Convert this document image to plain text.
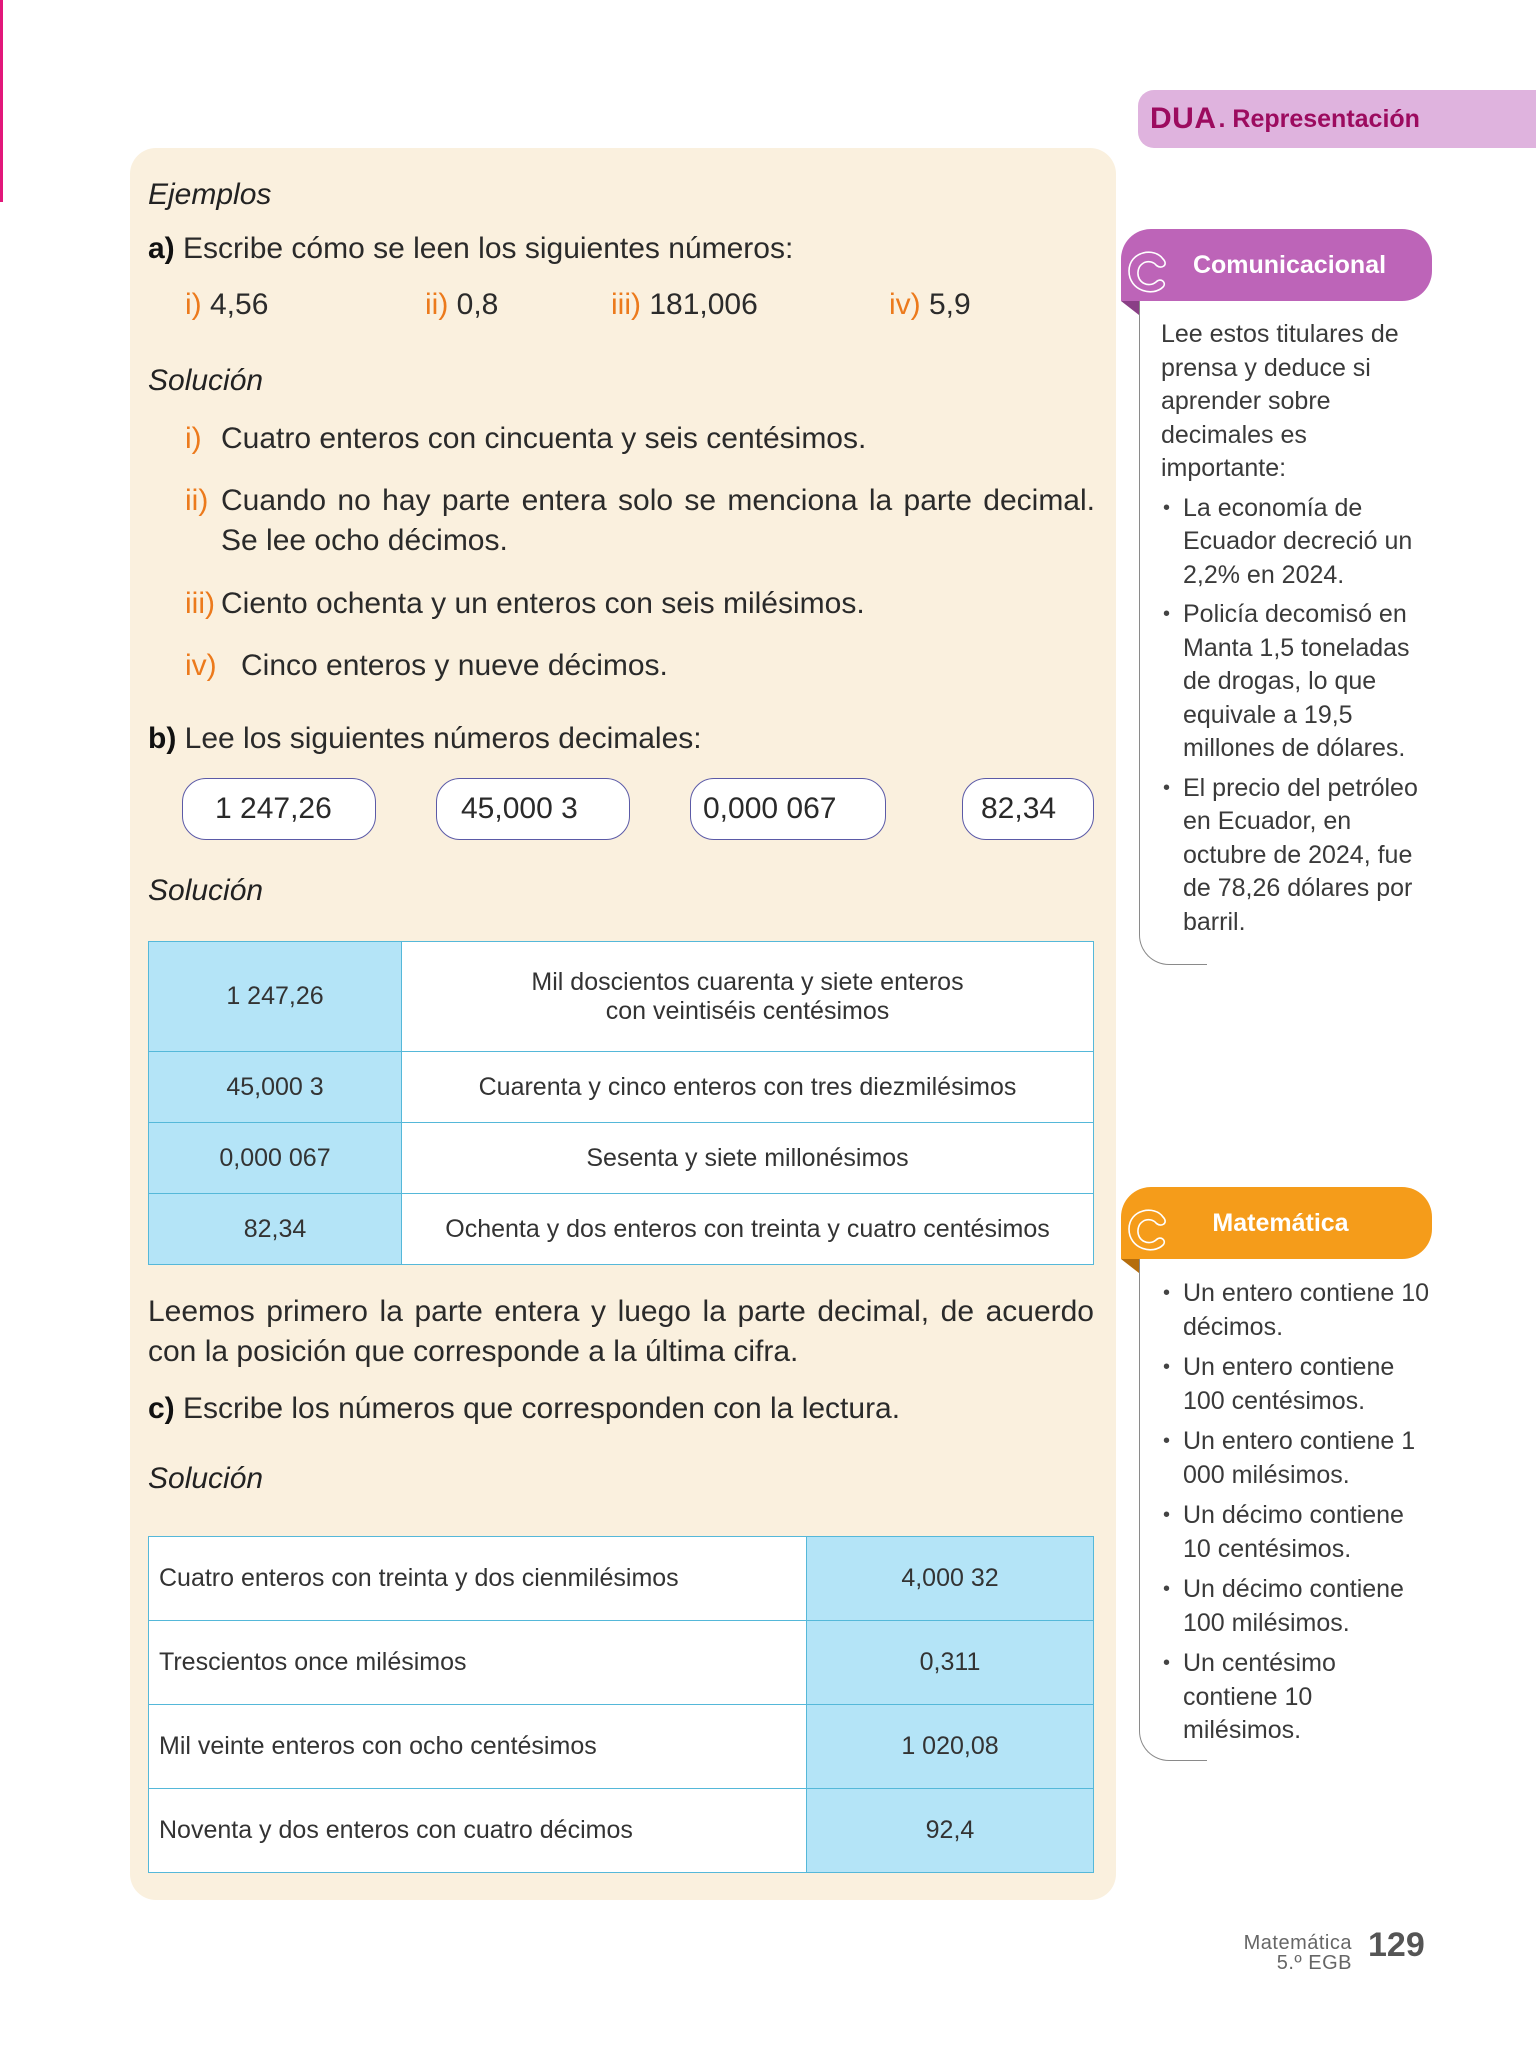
DUA . Representación
Ejemplos
a) Escribe cómo se leen los siguientes números:
i) 4,56	ii) 0,8	iii) 181,006	iv) 5,9
Solución
i) Cuatro enteros con cincuenta y seis centésimos.
ii) Cuando no hay parte entera solo se menciona la parte decimal. Se lee ocho décimos.
iii) Ciento ochenta y un enteros con seis milésimos.
iv) Cinco enteros y nueve décimos.
b) Lee los siguientes números decimales:
1 247,26	45,000 3	0,000 067	82,34
Solución
1 247,26	Mil doscientos cuarenta y siete enteros
con veintiséis centésimos

45,000 3	Cuarenta y cinco enteros con tres diezmilésimos
0,000 067	Sesenta y siete millonésimos
82,34	Ochenta y dos enteros con treinta y cuatro centésimos
Leemos primero la parte entera y luego la parte decimal, de acuerdo con la posición que corresponde a la última cifra.
c) Escribe los números que corresponden con la lectura.
Solución
Cuatro enteros con treinta y dos cienmilésimos	4,000 32
Trescientos once milésimos	0,311
Mil veinte enteros con ocho centésimos	1 020,08
Noventa y dos enteros con cuatro décimos	92,4
Comunicacional
Lee estos titulares de prensa y deduce si aprender sobre decimales es importante:
• La economía de Ecuador decreció un 2,2% en 2024.
• Policía decomisó en Manta 1,5 toneladas de drogas, lo que equivale a 19,5 millones de dólares.
• El precio del petróleo en Ecuador, en octubre de 2024, fue de 78,26 dólares por barril.
Matemática
• Un entero contiene 10 décimos.
• Un entero contiene 100 centésimos.
• Un entero contiene 1 000 milésimos.
• Un décimo contiene 10 centésimos.
• Un décimo contiene 100 milésimos.
• Un centésimo contiene 10 milésimos.
Matemática
5.º EGB 129
